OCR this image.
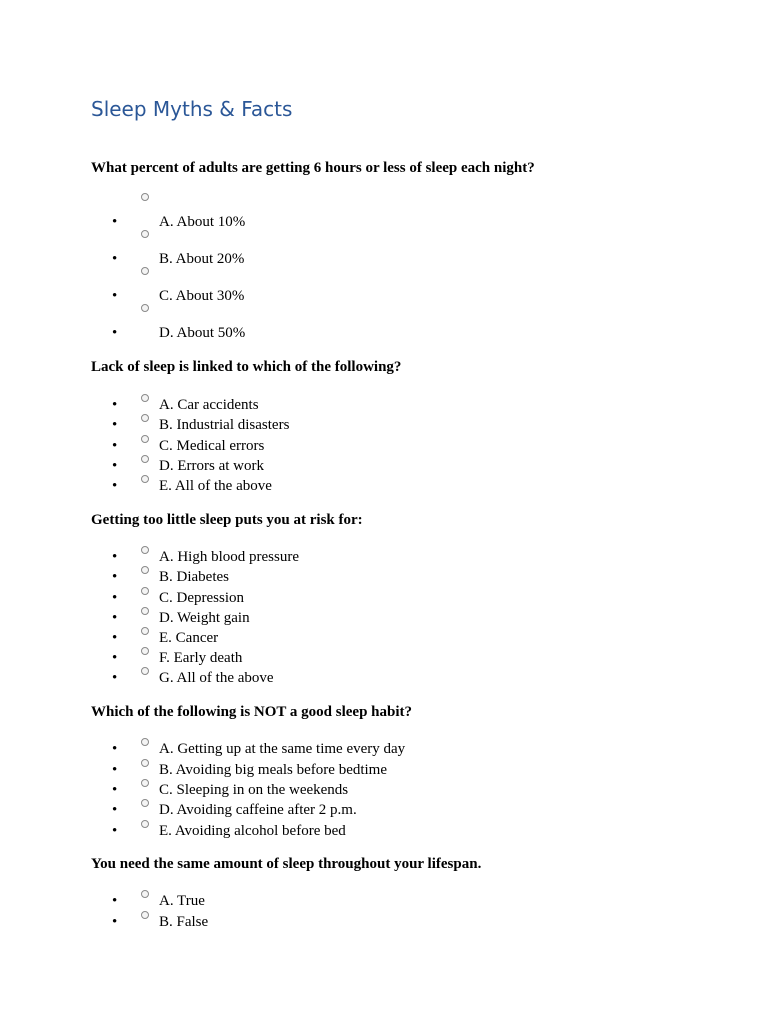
Sleep Myths & Facts

What percent of adults are getting 6 hours or less of sleep each night?

•	A. About 10%
•	B. About 20%
•	C. About 30%
•	D. About 50%

Lack of sleep is linked to which of the following?

•	A. Car accidents
•	B. Industrial disasters
•	C. Medical errors
•	D. Errors at work
•	E. All of the above

Getting too little sleep puts you at risk for:

•	A. High blood pressure
•	B. Diabetes
•	C. Depression
•	D. Weight gain
•	E. Cancer
•	F. Early death
•	G. All of the above

Which of the following is NOT a good sleep habit?

•	A. Getting up at the same time every day
•	B. Avoiding big meals before bedtime
•	C. Sleeping in on the weekends
•	D. Avoiding caffeine after 2 p.m.
•	E. Avoiding alcohol before bed

You need the same amount of sleep throughout your lifespan.

•	A. True
•	B. False
